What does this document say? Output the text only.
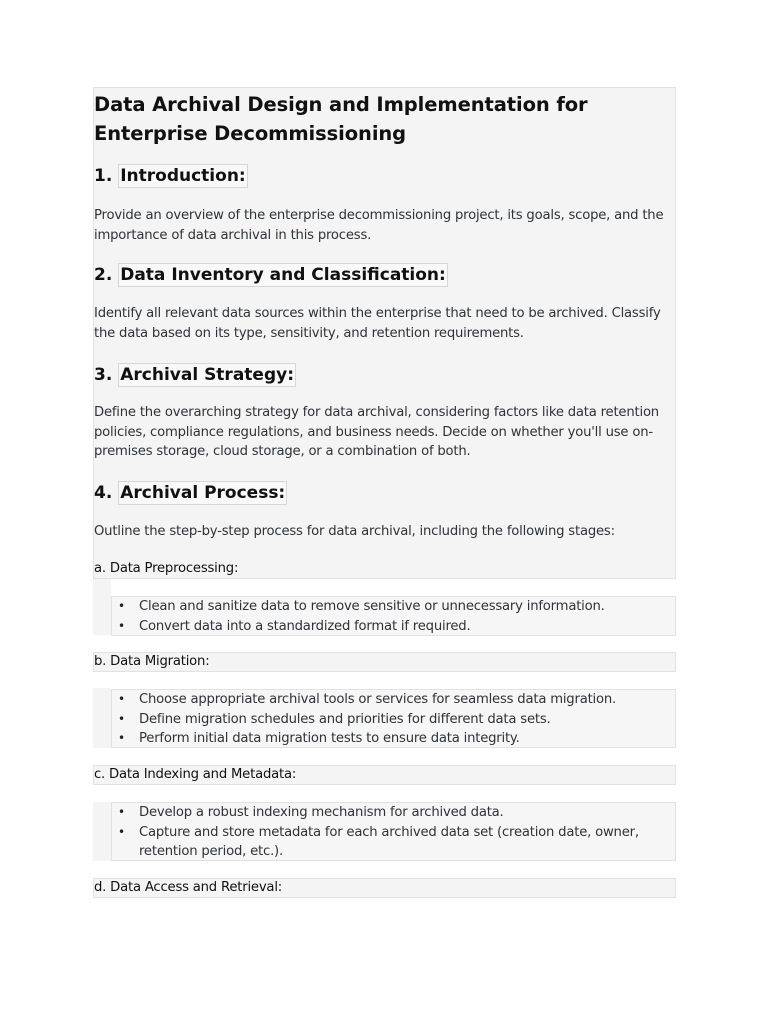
Data Archival Design and Implementation for
Enterprise Decommissioning
1. Introduction:

Provide an overview of the enterprise decommissioning project, its goals, scope, and the importance of data archival in this process.

2. Data Inventory and Classification:

Identify all relevant data sources within the enterprise that need to be archived. Classify the data based on its type, sensitivity, and retention requirements.

3. Archival Strategy:

Define the overarching strategy for data archival, considering factors like data retention policies, compliance regulations, and business needs. Decide on whether you'll use on-premises storage, cloud storage, or a combination of both.

4. Archival Process:

Outline the step-by-step process for data archival, including the following stages:

a. Data Preprocessing:
• Clean and sanitize data to remove sensitive or unnecessary information.
• Convert data into a standardized format if required.
b. Data Migration:
• Choose appropriate archival tools or services for seamless data migration.
• Define migration schedules and priorities for different data sets.
• Perform initial data migration tests to ensure data integrity.
c. Data Indexing and Metadata:
• Develop a robust indexing mechanism for archived data.
• Capture and store metadata for each archived data set (creation date, owner, retention period, etc.).
d. Data Access and Retrieval:
